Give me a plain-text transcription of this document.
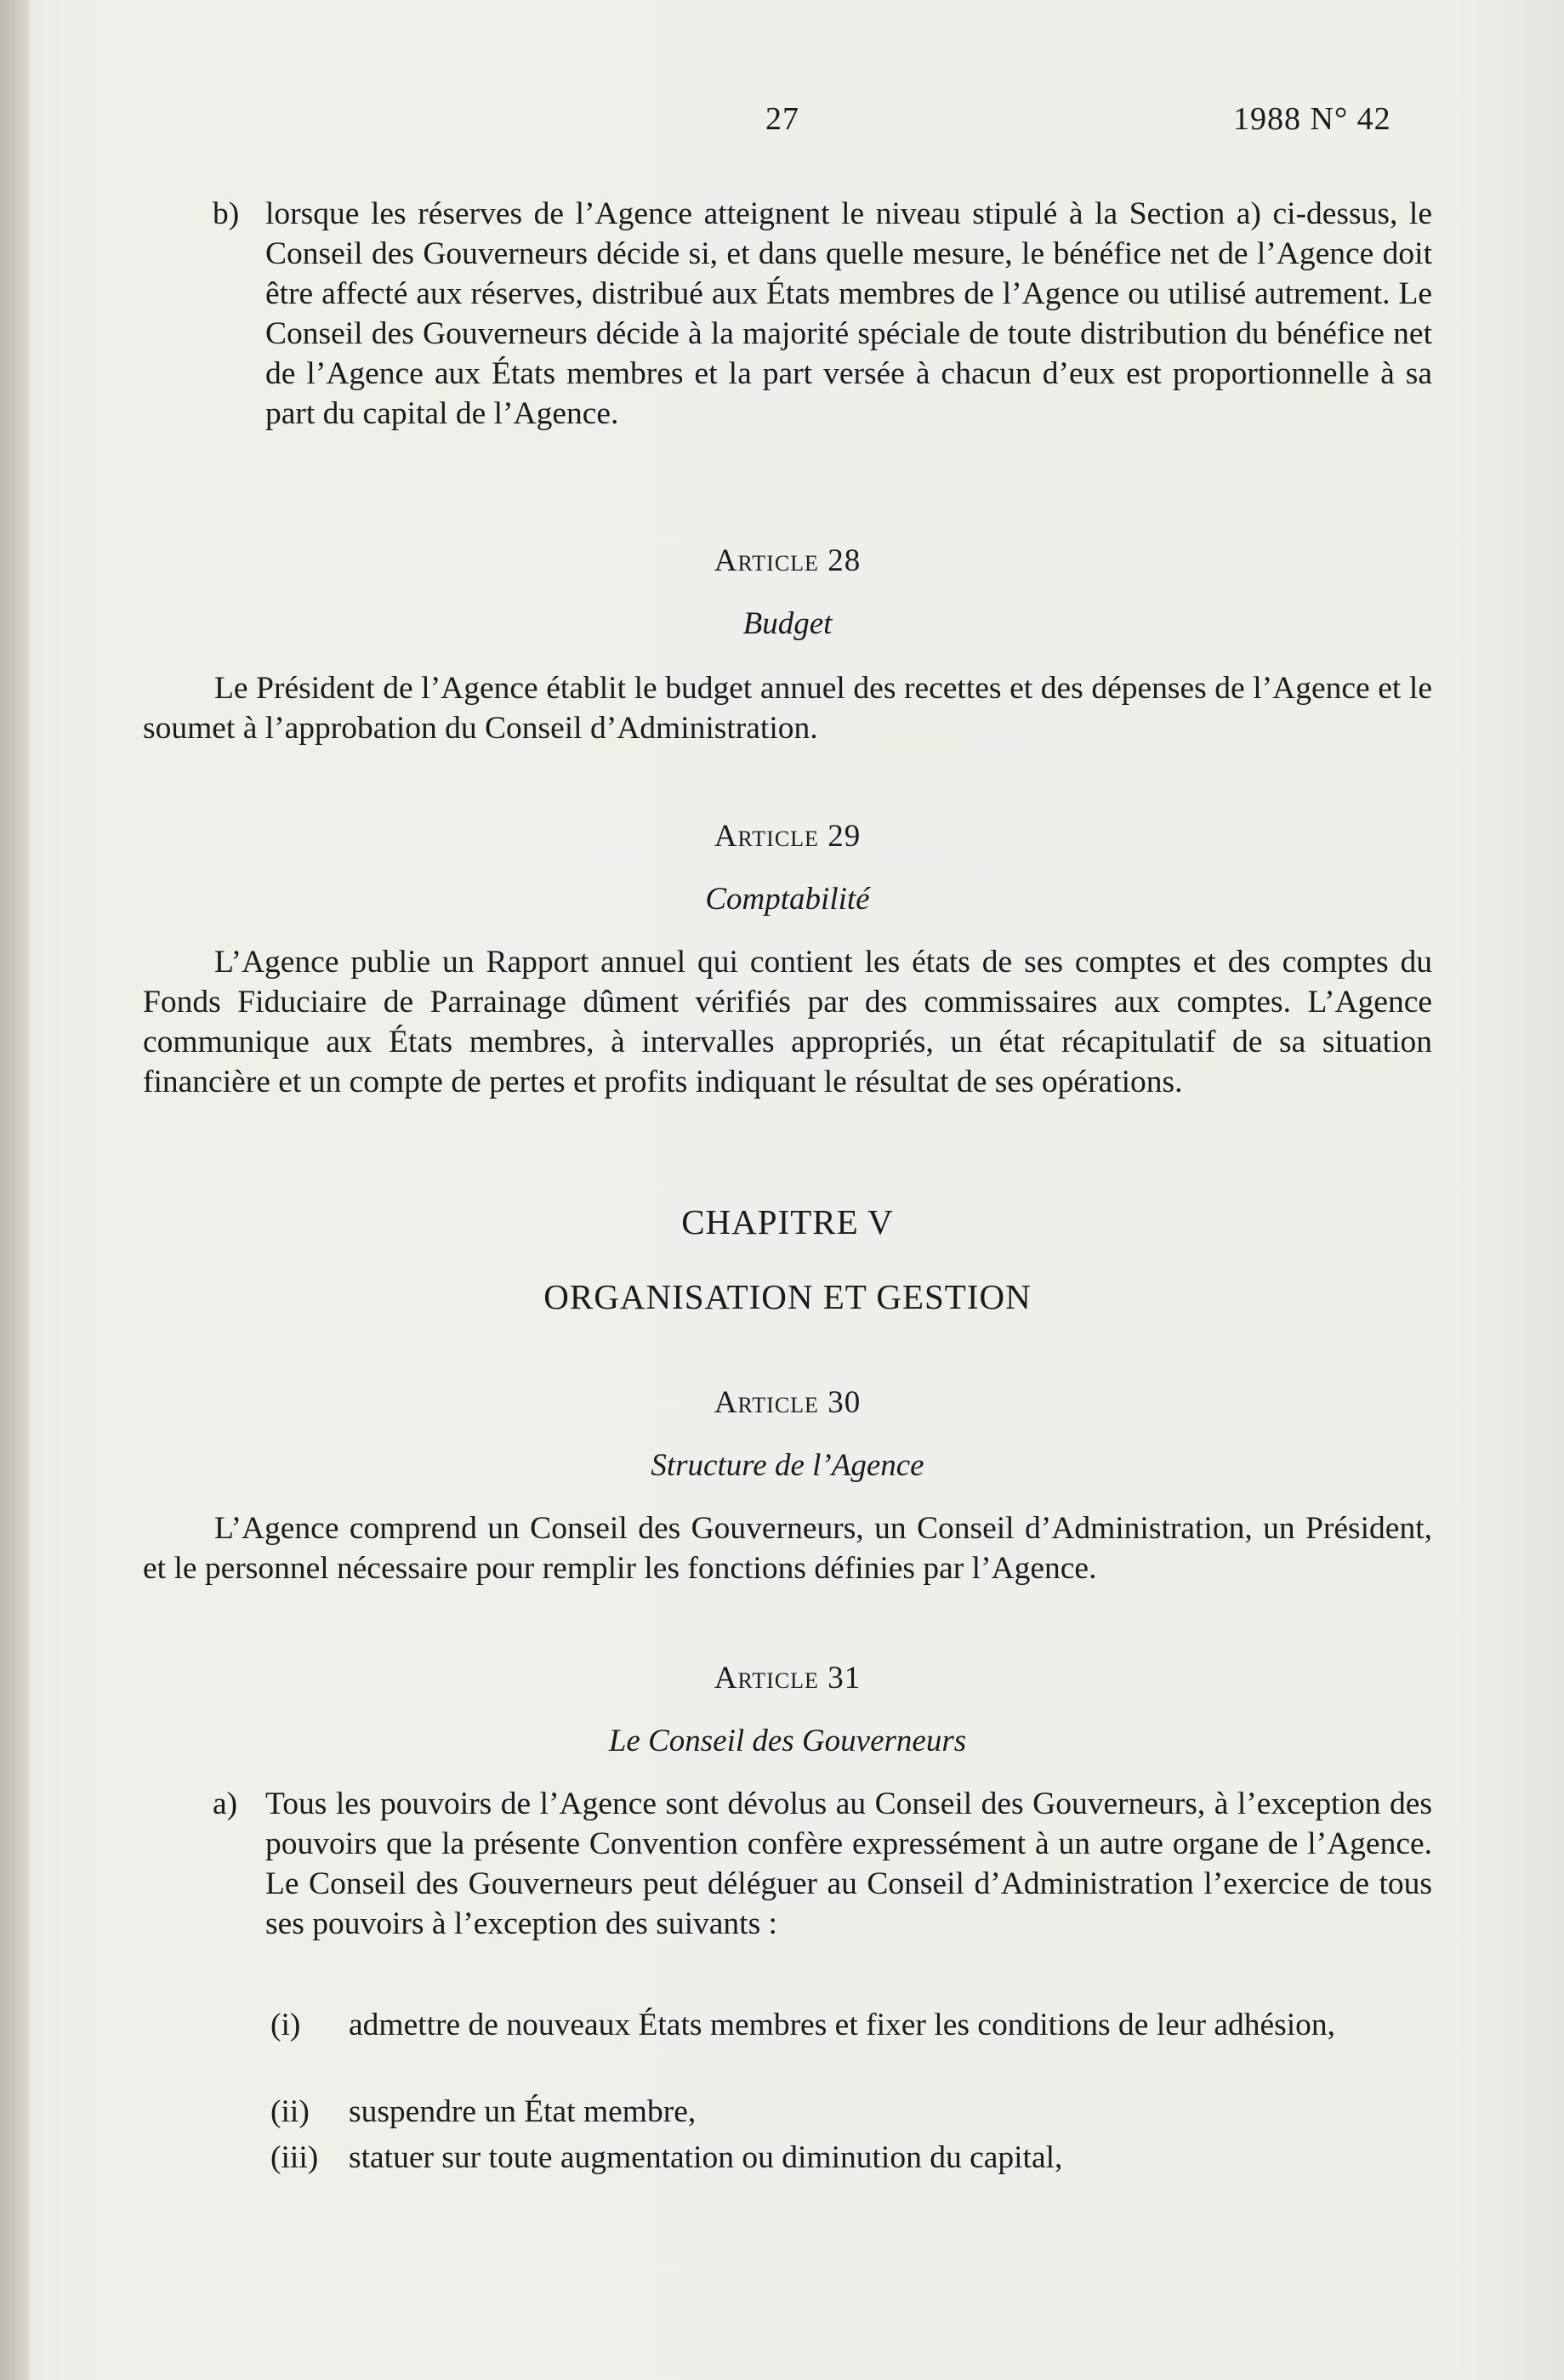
27	1988 N° 42
b) lorsque les réserves de l’Agence atteignent le niveau stipulé à la Section a) ci-dessus, le Conseil des Gouverneurs décide si, et dans quelle mesure, le bénéfice net de l’Agence doit être affecté aux réserves, distribué aux États membres de l’Agence ou utilisé autrement. Le Conseil des Gouverneurs décide à la majorité spéciale de toute distribution du bénéfice net de l’Agence aux États membres et la part versée à chacun d’eux est proportionnelle à sa part du capital de l’Agence.
Article 28
Budget

Le Président de l’Agence établit le budget annuel des recettes et des dépenses de l’Agence et le soumet à l’approbation du Conseil d’Administration.

Article 29
Comptabilité

L’Agence publie un Rapport annuel qui contient les états de ses comptes et des comptes du Fonds Fiduciaire de Parrainage dûment vérifiés par des commissaires aux comptes. L’Agence communique aux États membres, à intervalles appropriés, un état récapitulatif de sa situation financière et un compte de pertes et profits indiquant le résultat de ses opérations.

CHAPITRE V
ORGANISATION ET GESTION
Article 30
Structure de l’Agence

L’Agence comprend un Conseil des Gouverneurs, un Conseil d’Administration, un Président, et le personnel nécessaire pour remplir les fonctions définies par l’Agence.

Article 31
Le Conseil des Gouverneurs
a) Tous les pouvoirs de l’Agence sont dévolus au Conseil des Gouverneurs, à l’exception des pouvoirs que la présente Convention confère expressément à un autre organe de l’Agence. Le Conseil des Gouverneurs peut déléguer au Conseil d’Administration l’exercice de tous ses pouvoirs à l’exception des suivants :
(i) admettre de nouveaux États membres et fixer les conditions de leur adhésion,
(ii) suspendre un État membre,
(iii) statuer sur toute augmentation ou diminution du capital,
